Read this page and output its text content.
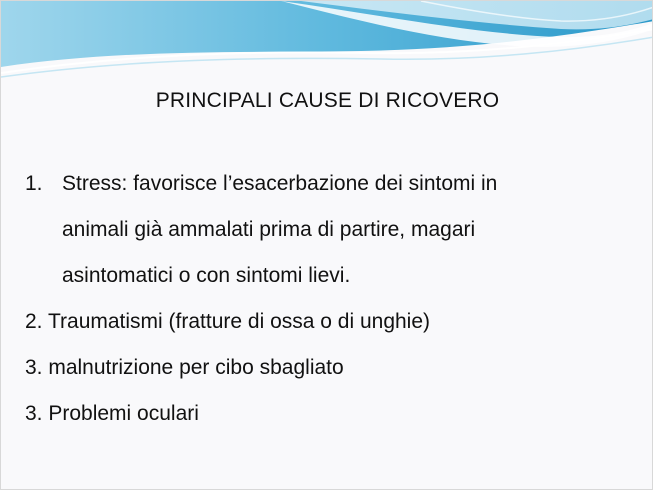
PRINCIPALI CAUSE DI RICOVERO
1. Stress: favorisce l’esacerbazione dei sintomi in
animali già ammalati prima di partire, magari
asintomatici o con sintomi lievi.

2. Traumatismi (fratture di ossa o di unghie)

3. malnutrizione per cibo sbagliato

3. Problemi oculari
